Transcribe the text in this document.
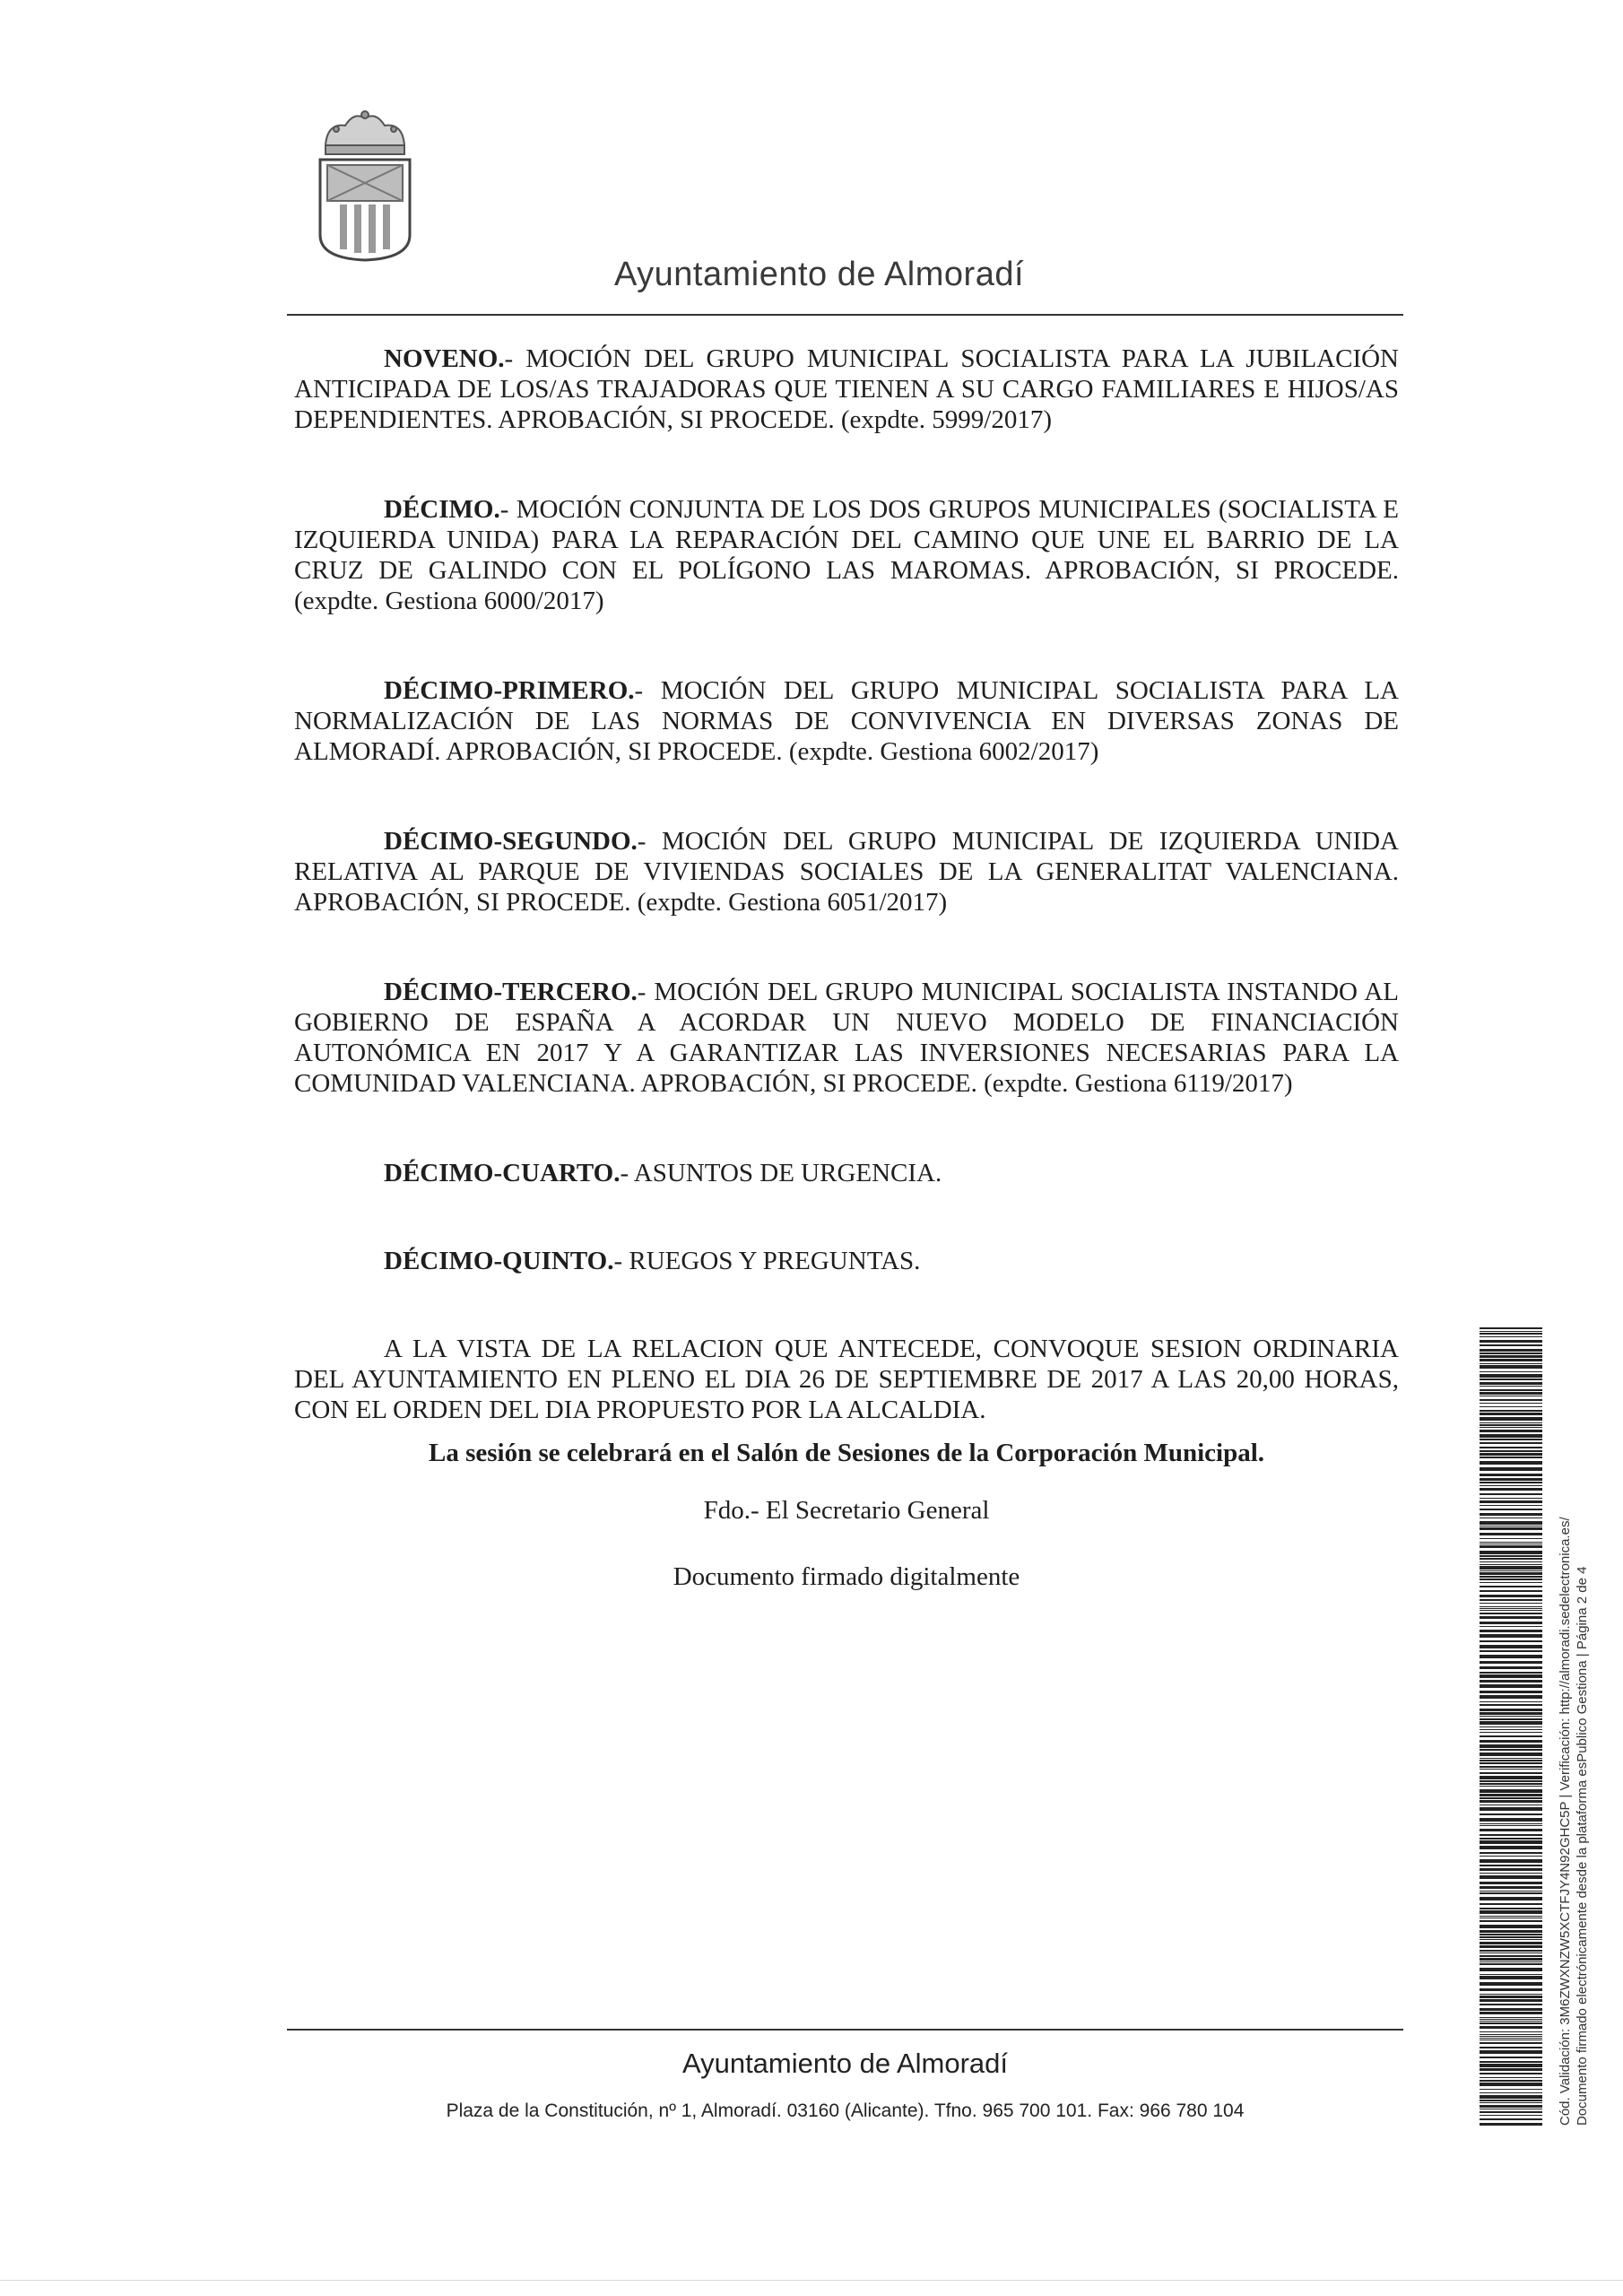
Ayuntamiento de Almoradí

NOVENO.- MOCIÓN DEL GRUPO MUNICIPAL SOCIALISTA PARA LA JUBILACIÓN ANTICIPADA DE LOS/AS TRAJADORAS QUE TIENEN A SU CARGO FAMILIARES E HIJOS/AS DEPENDIENTES. APROBACIÓN, SI PROCEDE. (expdte. 5999/2017)

DÉCIMO.- MOCIÓN CONJUNTA DE LOS DOS GRUPOS MUNICIPALES (SOCIALISTA E IZQUIERDA UNIDA) PARA LA REPARACIÓN DEL CAMINO QUE UNE EL BARRIO DE LA CRUZ DE GALINDO CON EL POLÍGONO LAS MAROMAS. APROBACIÓN, SI PROCEDE. (expdte. Gestiona 6000/2017)

DÉCIMO-PRIMERO.- MOCIÓN DEL GRUPO MUNICIPAL SOCIALISTA PARA LA NORMALIZACIÓN DE LAS NORMAS DE CONVIVENCIA EN DIVERSAS ZONAS DE ALMORADÍ. APROBACIÓN, SI PROCEDE. (expdte. Gestiona 6002/2017)

DÉCIMO-SEGUNDO.- MOCIÓN DEL GRUPO MUNICIPAL DE IZQUIERDA UNIDA RELATIVA AL PARQUE DE VIVIENDAS SOCIALES DE LA GENERALITAT VALENCIANA. APROBACIÓN, SI PROCEDE. (expdte. Gestiona 6051/2017)

DÉCIMO-TERCERO.- MOCIÓN DEL GRUPO MUNICIPAL SOCIALISTA INSTANDO AL GOBIERNO DE ESPAÑA A ACORDAR UN NUEVO MODELO DE FINANCIACIÓN AUTONÓMICA EN 2017 Y A GARANTIZAR LAS INVERSIONES NECESARIAS PARA LA COMUNIDAD VALENCIANA. APROBACIÓN, SI PROCEDE. (expdte. Gestiona 6119/2017)

DÉCIMO-CUARTO.- ASUNTOS DE URGENCIA.

DÉCIMO-QUINTO.- RUEGOS Y PREGUNTAS.

A LA VISTA DE LA RELACION QUE ANTECEDE, CONVOQUE SESION ORDINARIA DEL AYUNTAMIENTO EN PLENO EL DIA 26 DE SEPTIEMBRE DE 2017 A LAS 20,00 HORAS, CON EL ORDEN DEL DIA PROPUESTO POR LA ALCALDIA.

La sesión se celebrará en el Salón de Sesiones de la Corporación Municipal.

Fdo.- El Secretario General

Documento firmado digitalmente

Ayuntamiento de Almoradí
Plaza de la Constitución, nº 1, Almoradí. 03160 (Alicante). Tfno. 965 700 101. Fax: 966 780 104	Cód. Validación: 3M6ZWXNZW5XCTFJY4N92GHC5P | Verificación: http://almoradi.sedelectronica.es/ Documento firmado electrónicamente desde la plataforma esPublico Gestiona | Página 2 de 4
